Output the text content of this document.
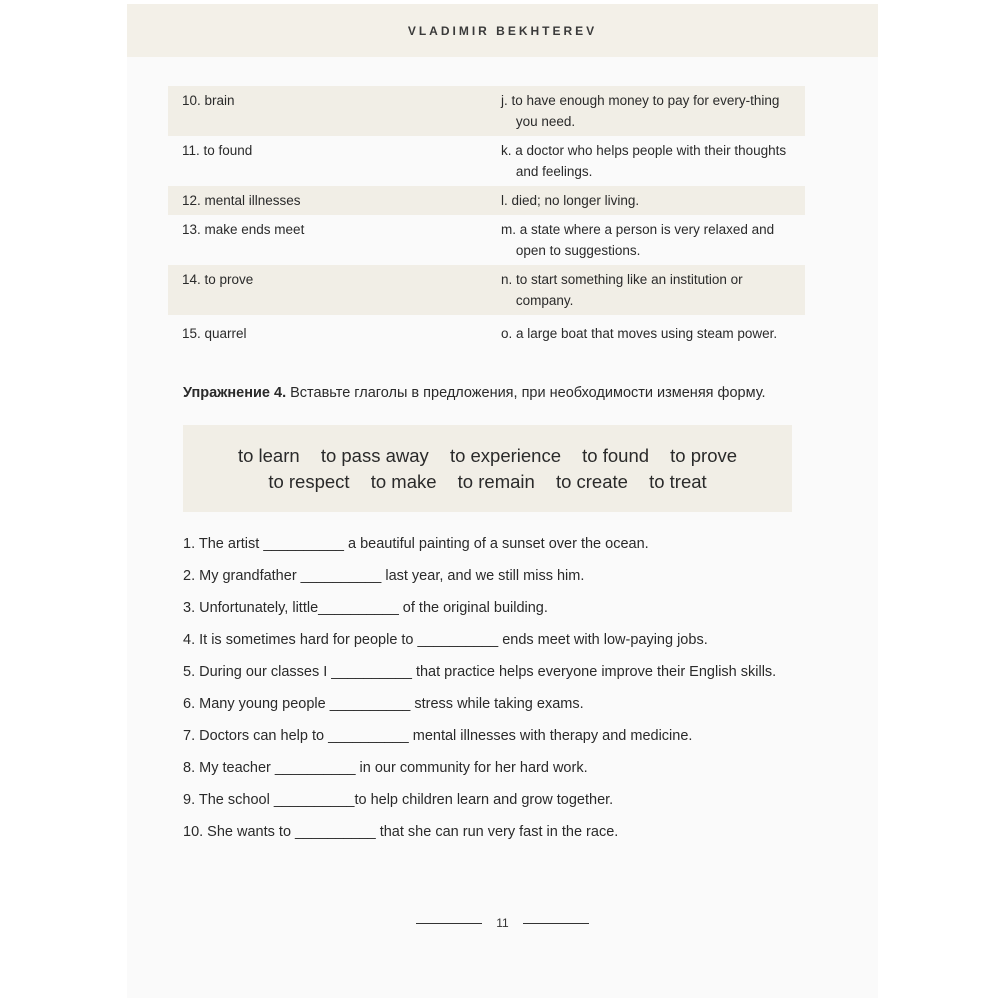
VLADIMIR BEKHTEREV
10. brain	j. to have enough money to pay for every-thing you need.
11. to found	k. a doctor who helps people with their thoughts and feelings.
12. mental illnesses	l. died; no longer living.
13. make ends meet	m. a state where a person is very relaxed and open to suggestions.
14. to prove	n. to start something like an institution or company.
15. quarrel	o. a large boat that moves using steam power.
Упражнение 4. Вставьте глаголы в предложения, при необходимости изменяя форму.
to learn to pass away to experience to found to prove
to respect to make to remain to create to treat
1. The artist __________ a beautiful painting of a sunset over the ocean.
2. My grandfather __________ last year, and we still miss him.
3. Unfortunately, little__________ of the original building.
4. It is sometimes hard for people to __________ ends meet with low-paying jobs.
5. During our classes I __________ that practice helps everyone improve their English skills.
6. Many young people __________ stress while taking exams.
7. Doctors can help to __________ mental illnesses with therapy and medicine.
8. My teacher __________ in our community for her hard work.
9. The school __________to help children learn and grow together.
10. She wants to __________ that she can run very fast in the race.
11
